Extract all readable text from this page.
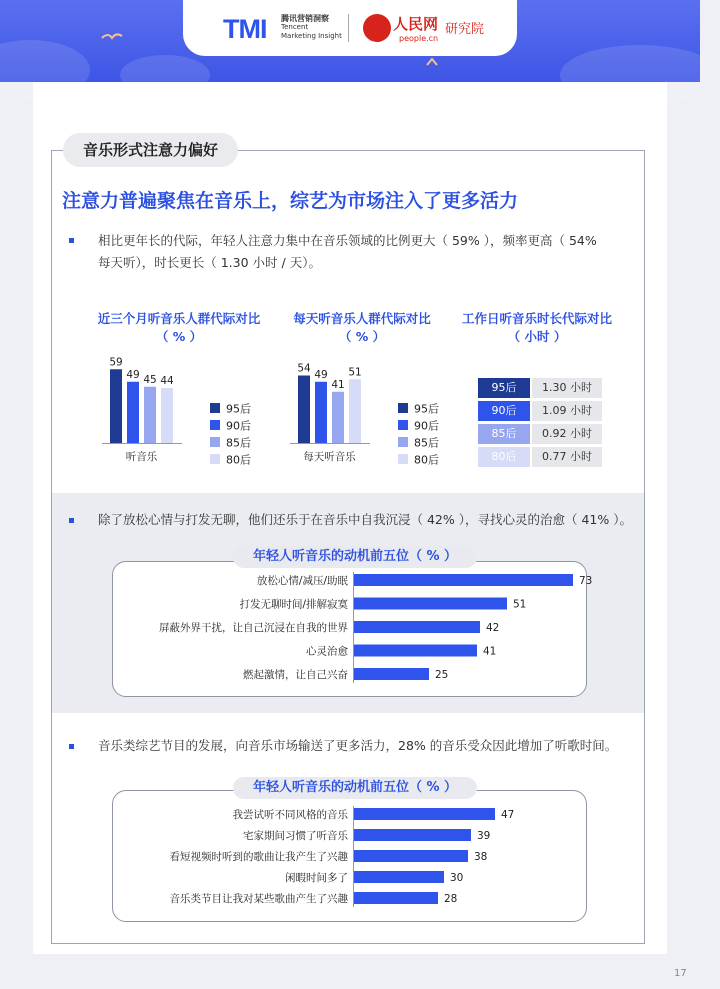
TMI 腾讯营销洞察
Tencent
Marketing Insight
人民网
people.cn
研究院
音乐形式注意力偏好
注意力普遍聚焦在音乐上，综艺为市场注入了更多活力
相比更年长的代际，年轻人注意力集中在音乐领域的比例更大（ 59% ），频率更高（ 54%
每天听），时长更长（ 1.30 小时 / 天）。
近三个月听音乐人群代际对比
（ % ）
59
49 45 44
听音乐
95后
90后
85后
80后
每天听音乐人群代际对比
（ % ）
54
49
41
51
每天听音乐
95后
90后
85后
80后
工作日听音乐时长代际对比
（ 小时 ）
95后	1.30 小时
90后	1.09 小时
85后	0.92 小时
80后	0.77 小时
除了放松心情与打发无聊，他们还乐于在音乐中自我沉浸（ 42% ），寻找心灵的治愈（ 41% ）。
年轻人听音乐的动机前五位（ % ）
放松心情/减压/助眠	73
打发无聊时间/排解寂寞	51
屏蔽外界干扰，让自己沉浸在自我的世界	42
心灵治愈	41
燃起激情，让自己兴奋	25
音乐类综艺节目的发展，向音乐市场输送了更多活力，28% 的音乐受众因此增加了听歌时间。
年轻人听音乐的动机前五位（ % ）
我尝试听不同风格的音乐	47
宅家期间习惯了听音乐	39
看短视频时听到的歌曲让我产生了兴趣	38
闲暇时间多了	30
音乐类节目让我对某些歌曲产生了兴趣	28
17
